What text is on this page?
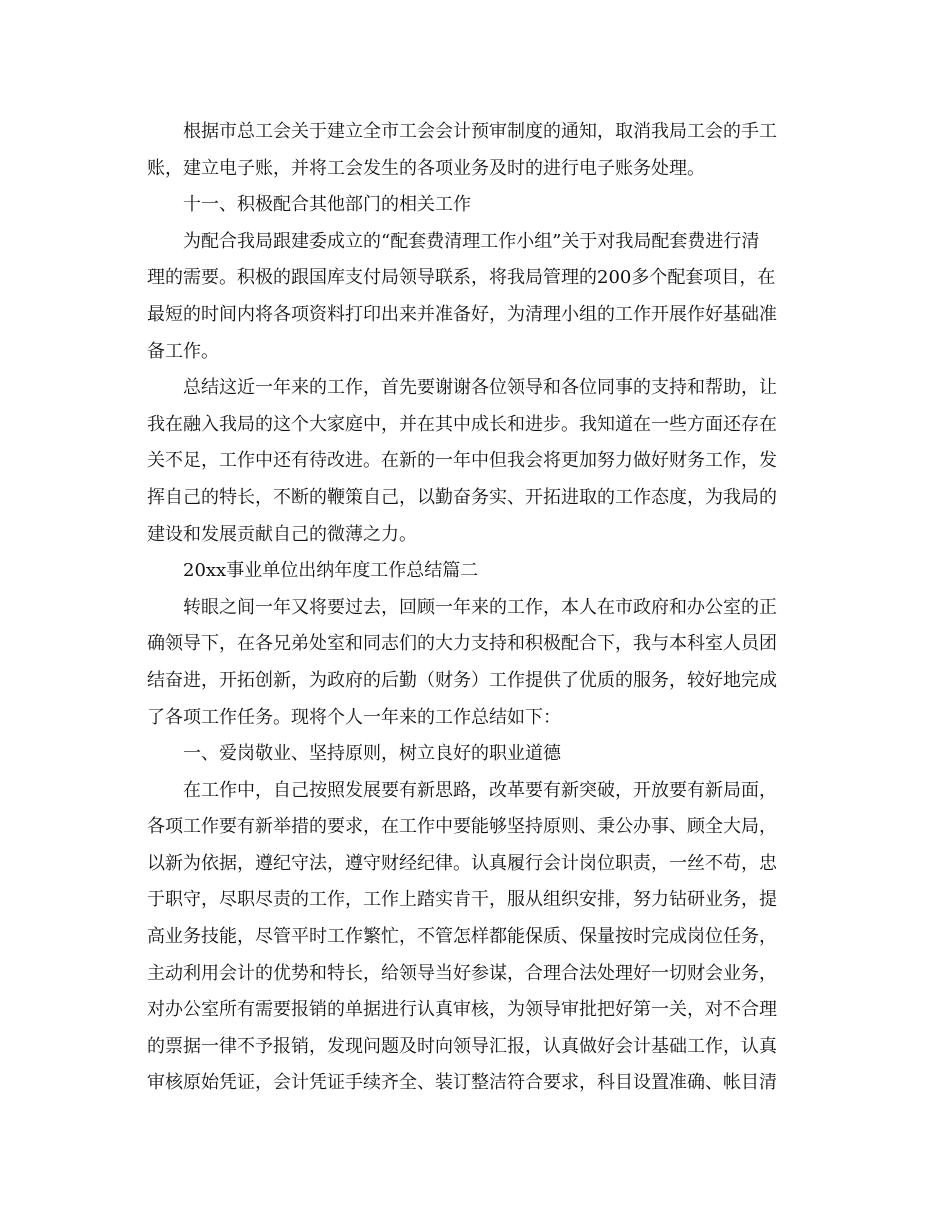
根据市总工会关于建立全市工会会计预审制度的通知，取消我局工会的手工
账，建立电子账，并将工会发生的各项业务及时的进行电子账务处理。
十一、积极配合其他部门的相关工作
为配合我局跟建委成立的“配套费清理工作小组”关于对我局配套费进行清
理的需要。积极的跟国库支付局领导联系，将我局管理的200多个配套项目，在
最短的时间内将各项资料打印出来并准备好，为清理小组的工作开展作好基础准
备工作。
总结这近一年来的工作，首先要谢谢各位领导和各位同事的支持和帮助，让
我在融入我局的这个大家庭中，并在其中成长和进步。我知道在一些方面还存在
关不足，工作中还有待改进。在新的一年中但我会将更加努力做好财务工作，发
挥自己的特长，不断的鞭策自己，以勤奋务实、开拓进取的工作态度，为我局的
建设和发展贡献自己的微薄之力。
20xx事业单位出纳年度工作总结篇二
转眼之间一年又将要过去，回顾一年来的工作，本人在市政府和办公室的正
确领导下，在各兄弟处室和同志们的大力支持和积极配合下，我与本科室人员团
结奋进，开拓创新，为政府的后勤（财务）工作提供了优质的服务，较好地完成
了各项工作任务。现将个人一年来的工作总结如下：
一、爱岗敬业、坚持原则，树立良好的职业道德
在工作中，自己按照发展要有新思路，改革要有新突破，开放要有新局面，
各项工作要有新举措的要求，在工作中要能够坚持原则、秉公办事、顾全大局，
以新为依据，遵纪守法，遵守财经纪律。认真履行会计岗位职责，一丝不苟，忠
于职守，尽职尽责的工作，工作上踏实肯干，服从组织安排，努力钻研业务，提
高业务技能，尽管平时工作繁忙，不管怎样都能保质、保量按时完成岗位任务，
主动利用会计的优势和特长，给领导当好参谋，合理合法处理好一切财会业务，
对办公室所有需要报销的单据进行认真审核，为领导审批把好第一关，对不合理
的票据一律不予报销，发现问题及时向领导汇报，认真做好会计基础工作，认真
审核原始凭证，会计凭证手续齐全、装订整洁符合要求，科目设置准确、帐目清
